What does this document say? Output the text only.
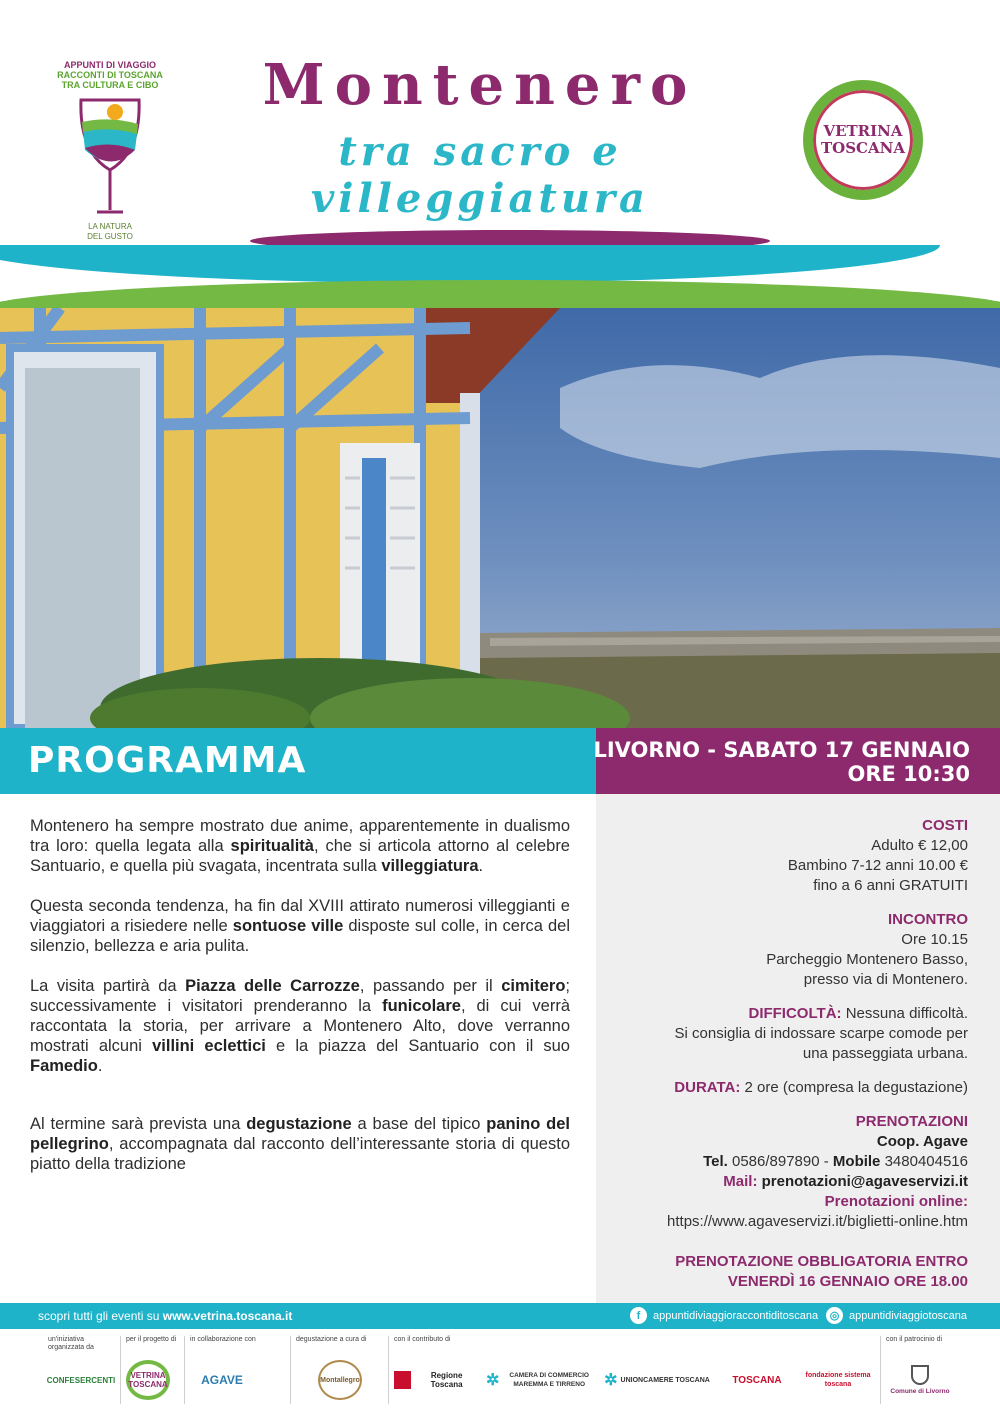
APPUNTI DI VIAGGIO
RACCONTI DI TOSCANA
TRA CULTURA E CIBO
LA NATURA
DEL GUSTO
Montenero
tra sacro e villeggiatura
VETRINA
TOSCANA
PROGRAMMA	LIVORNO - SABATO 17 GENNAIO
ORE 10:30

Montenero ha sempre mostrato due anime, apparentemente in dualismo tra loro: quella legata alla spiritualità, che si articola attorno al celebre Santuario, e quella più svagata, incentrata sulla villeggiatura.

Questa seconda tendenza, ha fin dal XVIII attirato numerosi villeggianti e viaggiatori a risiedere nelle sontuose ville disposte sul colle, in cerca del silenzio, bellezza e aria pulita.

La visita partirà da Piazza delle Carrozze, passando per il cimitero; successivamente i visitatori prenderanno la funicolare, di cui verrà raccontata la storia, per arrivare a Montenero Alto, dove verranno mostrati alcuni villini eclettici e la piazza del Santuario con il suo Famedio.

Al termine sarà prevista una degustazione a base del tipico panino del pellegrino, accompagnata dal racconto dell’interessante storia di questo piatto della tradizione

COSTI
Adulto € 12,00
Bambino 7-12 anni 10.00 €
fino a 6 anni GRATUITI
INCONTRO
Ore 10.15
Parcheggio Montenero Basso,
presso via di Montenero.
DIFFICOLTÀ: Nessuna difficoltà.
Si consiglia di indossare scarpe comode per
una passeggiata urbana.
DURATA: 2 ore (compresa la degustazione)
PRENOTAZIONI
Coop. Agave
Tel. 0586/897890 - Mobile 3480404516
Mail: prenotazioni@agaveservizi.it
Prenotazioni online:
https://www.agaveservizi.it/biglietti-online.htm
PRENOTAZIONE OBBLIGATORIA ENTRO
VENERDÌ 16 GENNAIO ORE 18.00
scopri tutti gli eventi su www.vetrina.toscana.it	f	appuntidiviaggioraccontiditoscana	◎ appuntidiviaggiotoscana
un'iniziativa organizzata da
CONFESERCENTI
per il progetto di
VETRINA TOSCANA
in collaborazione con
AGAVE
degustazione a cura di
Montallegro
con il contributo di
Regione Toscana	✲	CAMERA DI COMMERCIO MAREMMA E TIRRENO	✲ UNIONCAMERE TOSCANA	TOSCANA	fondazione sistema toscana
con il patrocinio di
Comune di Livorno
